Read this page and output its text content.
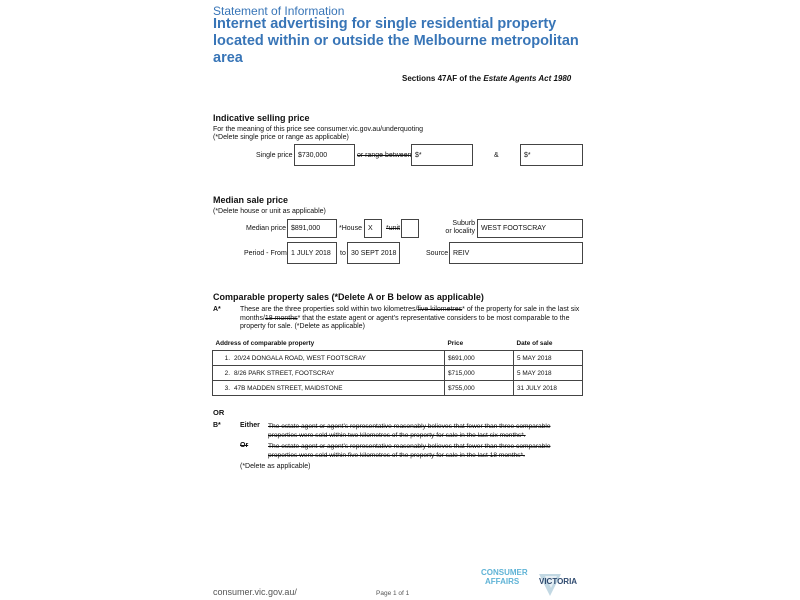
Statement of Information
Internet advertising for single residential property
located within or outside the Melbourne metropolitan
area
Sections 47AF of the Estate Agents Act 1980
Indicative selling price
For the meaning of this price see consumer.vic.gov.au/underquoting
(*Delete single price or range as applicable)
Single price $730,000	or range between $*	&	$*
Median sale price
(*Delete house or unit as applicable)
Median price $891,000	*House X	*unit
Suburb
or locality WEST FOOTSCRAY
Period - From 1 JULY 2018	to 30 SEPT 2018	Source REIV
Comparable property sales (*Delete A or B below as applicable)
A*	These are the three properties sold within two kilometres/five kilometres* of the property for sale in the last six months/18 months* that the estate agent or agent’s representative considers to be most comparable to the property for sale. (*Delete as applicable)
Address of comparable property	Price	Date of sale
1. 20/24 DONGALA ROAD, WEST FOOTSCRAY	$691,000	5 MAY 2018
2. 8/26 PARK STREET, FOOTSCRAY	$715,000	5 MAY 2018
3. 47B MADDEN STREET, MAIDSTONE	$755,000	31 JULY 2018
OR
B*	Either The estate agent or agent’s representative reasonably believes that fewer than three comparable
properties were sold within two kilometres of the property for sale in the last six months*.
Or	The estate agent or agent’s representative reasonably believes that fewer than three comparable
properties were sold within five kilometres of the property for sale in the last 18 months*.
(*Delete as applicable)
consumer.vic.gov.au/	Page 1 of 1
CONSUMER
AFFAIRS	VICTORIA
